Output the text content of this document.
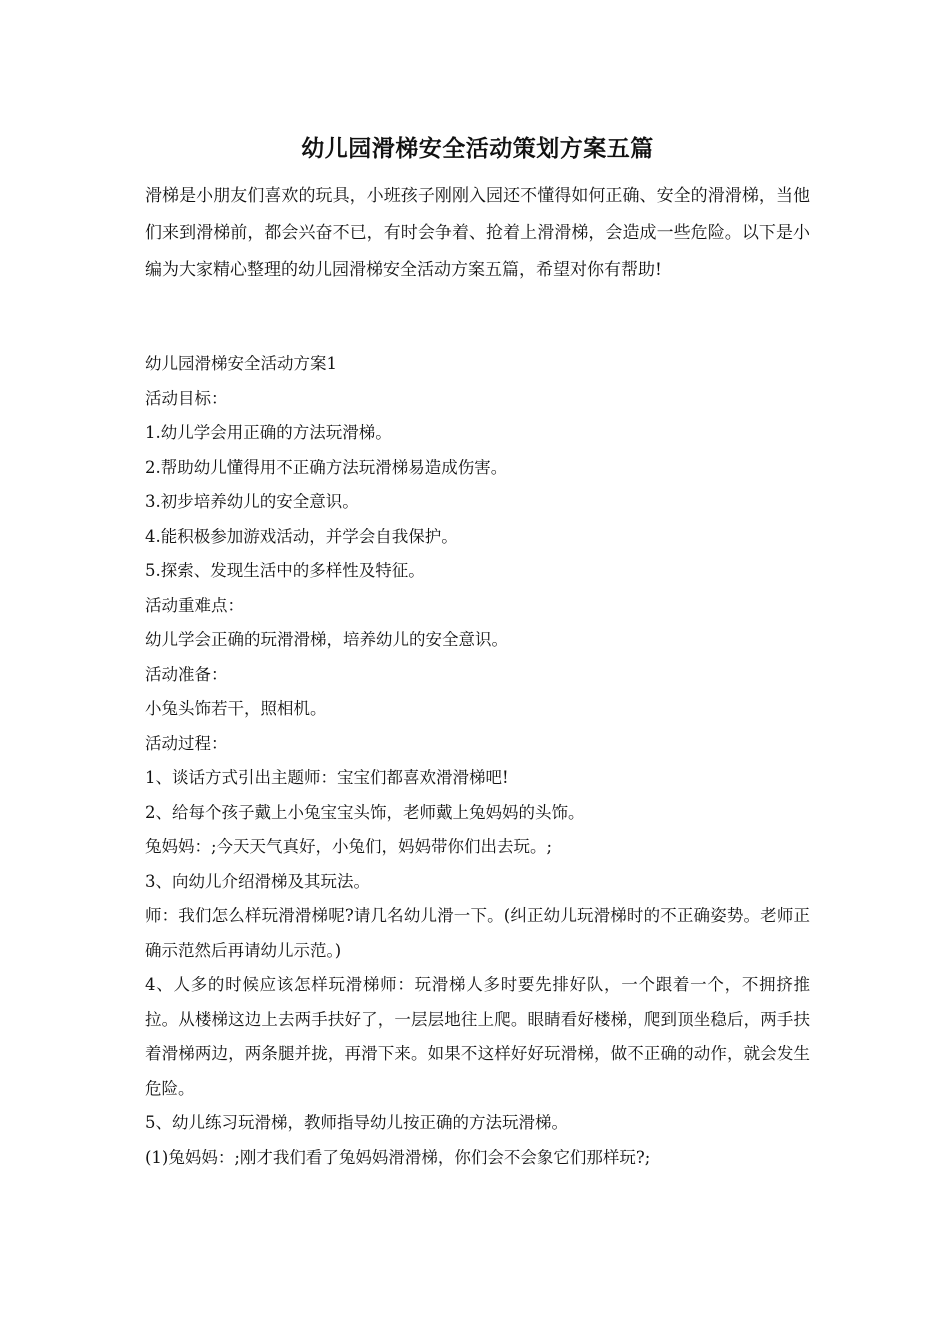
幼儿园滑梯安全活动策划方案五篇

滑梯是小朋友们喜欢的玩具，小班孩子刚刚入园还不懂得如何正确、安全的滑滑梯，当他们来到滑梯前，都会兴奋不已，有时会争着、抢着上滑滑梯，会造成一些危险。以下是小编为大家精心整理的幼儿园滑梯安全活动方案五篇，希望对你有帮助!

幼儿园滑梯安全活动方案1

活动目标：

1.幼儿学会用正确的方法玩滑梯。

2.帮助幼儿懂得用不正确方法玩滑梯易造成伤害。

3.初步培养幼儿的安全意识。

4.能积极参加游戏活动，并学会自我保护。

5.探索、发现生活中的多样性及特征。

活动重难点：

幼儿学会正确的玩滑滑梯，培养幼儿的安全意识。

活动准备：

小兔头饰若干，照相机。

活动过程：

1、谈话方式引出主题师：宝宝们都喜欢滑滑梯吧!

2、给每个孩子戴上小兔宝宝头饰，老师戴上兔妈妈的头饰。

兔妈妈：;今天天气真好，小兔们，妈妈带你们出去玩。;

3、向幼儿介绍滑梯及其玩法。

师：我们怎么样玩滑滑梯呢?请几名幼儿滑一下。(纠正幼儿玩滑梯时的不正确姿势。老师正确示范然后再请幼儿示范。)

4、人多的时候应该怎样玩滑梯师：玩滑梯人多时要先排好队，一个跟着一个，不拥挤推拉。从楼梯这边上去两手扶好了，一层层地往上爬。眼睛看好楼梯，爬到顶坐稳后，两手扶着滑梯两边，两条腿并拢，再滑下来。如果不这样好好玩滑梯，做不正确的动作，就会发生危险。

5、幼儿练习玩滑梯，教师指导幼儿按正确的方法玩滑梯。

(1)兔妈妈：;刚才我们看了兔妈妈滑滑梯，你们会不会象它们那样玩?;
